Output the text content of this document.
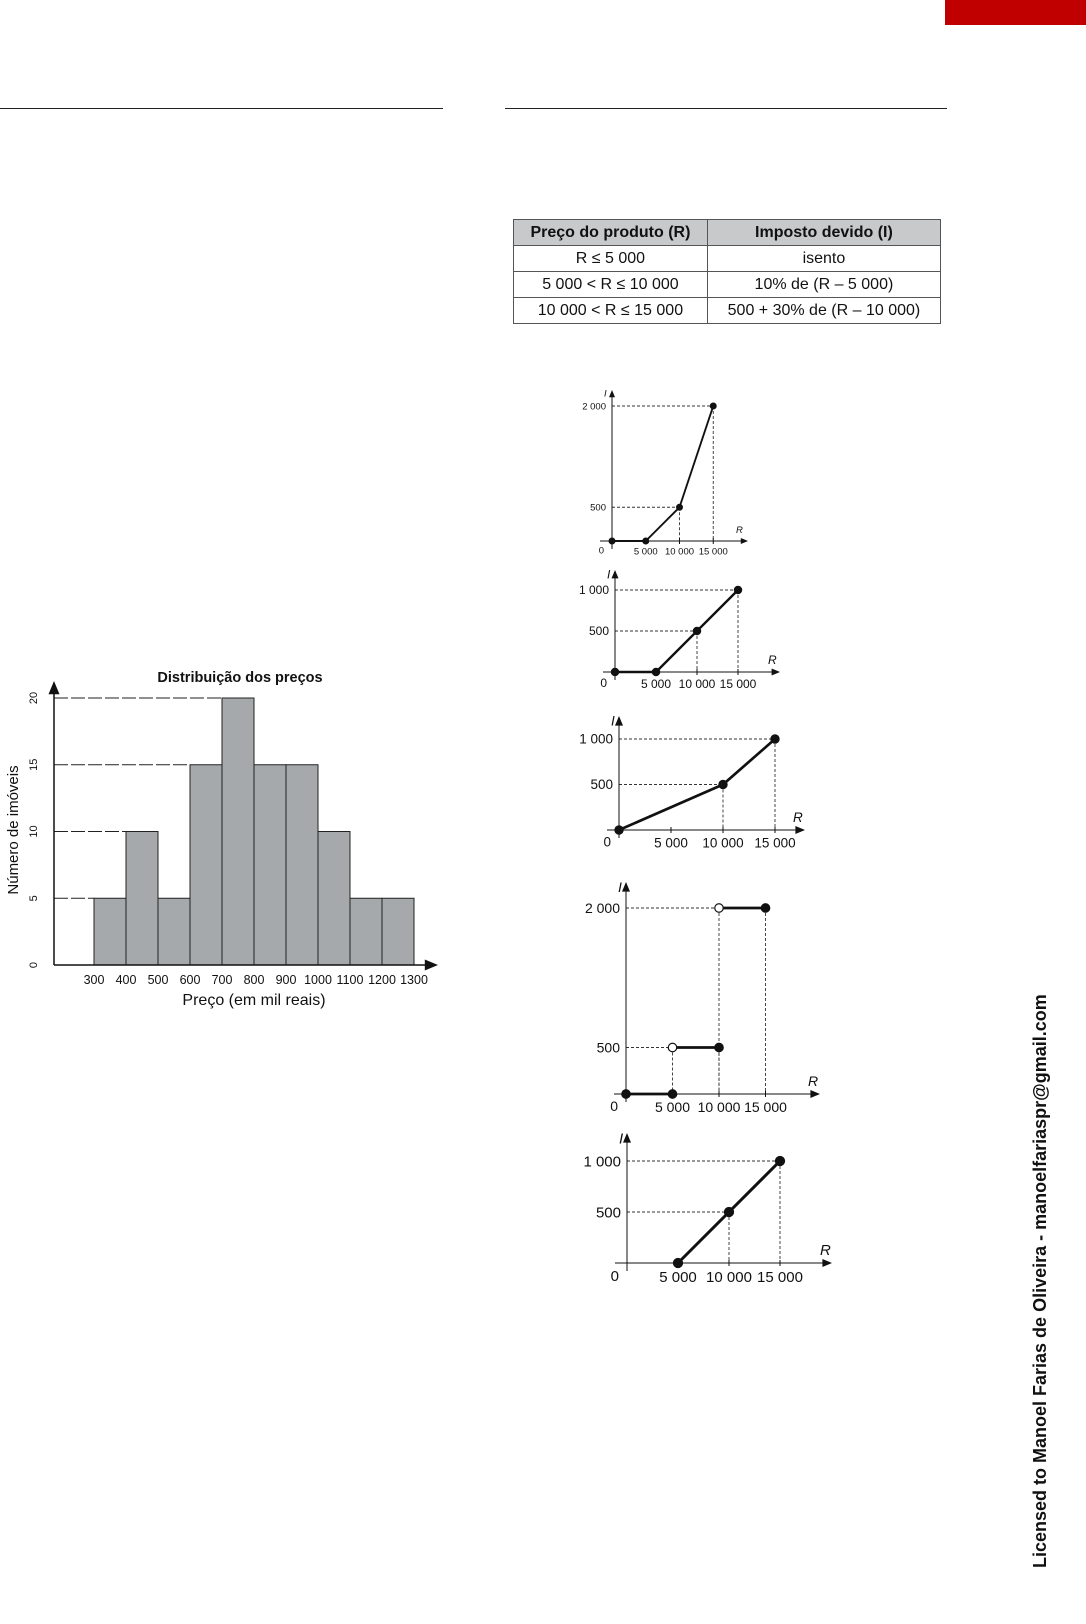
Preço do produto (R)	Imposto devido (I)
R ≤ 5 000	isento
5 000 < R ≤ 10 000	10% de (R – 5 000)
10 000 < R ≤ 15 000	500 + 30% de (R – 10 000)
0
5
10
15
20
300 400 500 600 700 800 900 1000 1100 1200 1300
Distribuição dos preços
Preço (em mil reais)
Número de imóveis
5 000 10 000 15 000
500
2 000
0
I
R
5 000 10 000 15 000
500
1 000
0
I
R
5 000 10 000 15 000
500
1 000
0
I
R
5 000 10 000 15 000
500
2 000
0
I
R
5 000 10 000 15 000
500
1 000
0
I
R	Licensed to Manoel Farias de Oliveira - manoelfariaspr@gmail.com
